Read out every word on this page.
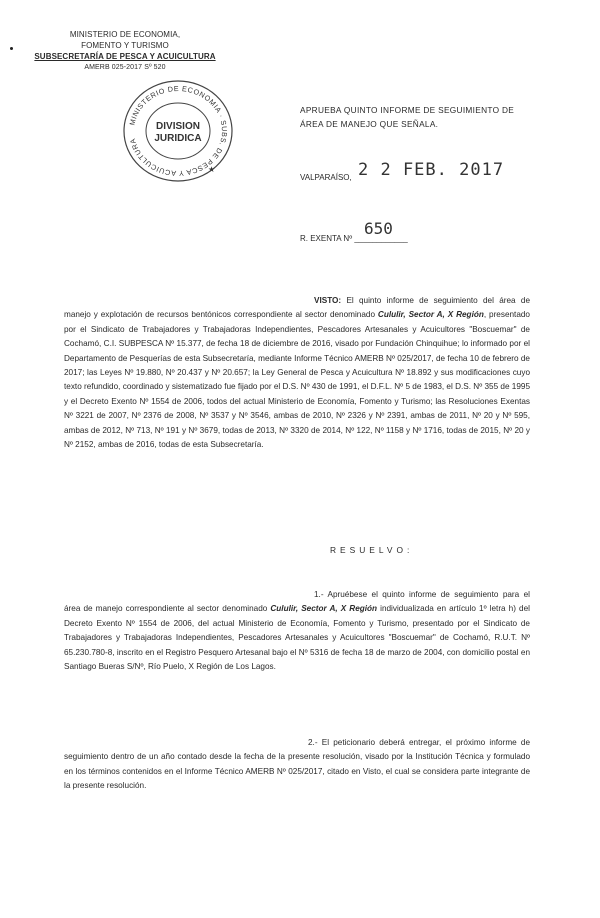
MINISTERIO DE ECONOMIA,
FOMENTO Y TURISMO
SUBSECRETARÍA DE PESCA Y ACUICULTURA
AMERB 025-2017 Sº 520
MINISTERIO DE ECONOMIA · SUBS. DE PESCA Y ACUICULTURA
DIVISION
JURIDICA
★
APRUEBA QUINTO INFORME DE SEGUIMIENTO DE
ÁREA DE MANEJO QUE SEÑALA.
VALPARAÍSO, 2 2 FEB. 2017
R. EXENTA Nº ____________
650
VISTO: El quinto informe de seguimiento del área de manejo y explotación de recursos bentónicos correspondiente al sector denominado Cululir, Sector A, X Región, presentado por el Sindicato de Trabajadores y Trabajadoras Independientes, Pescadores Artesanales y Acuicultores "Boscuemar" de Cochamó, C.I. SUBPESCA Nº 15.377, de fecha 18 de diciembre de 2016, visado por Fundación Chinquihue; lo informado por el Departamento de Pesquerías de esta Subsecretaría, mediante Informe Técnico AMERB Nº 025/2017, de fecha 10 de febrero de 2017; las Leyes Nº 19.880, Nº 20.437 y Nº 20.657; la Ley General de Pesca y Acuicultura Nº 18.892 y sus modificaciones cuyo texto refundido, coordinado y sistematizado fue fijado por el D.S. Nº 430 de 1991, el D.F.L. Nº 5 de 1983, el D.S. Nº 355 de 1995 y el Decreto Exento Nº 1554 de 2006, todos del actual Ministerio de Economía, Fomento y Turismo; las Resoluciones Exentas Nº 3221 de 2007, Nº 2376 de 2008, Nº 3537 y Nº 3546, ambas de 2010, Nº 2326 y Nº 2391, ambas de 2011, Nº 20 y Nº 595, ambas de 2012, Nº 713, Nº 191 y Nº 3679, todas de 2013, Nº 3320 de 2014, Nº 122, Nº 1158 y Nº 1716, todas de 2015, Nº 20 y Nº 2152, ambas de 2016, todas de esta Subsecretaría.
RESUELVO:
1.- Apruébese el quinto informe de seguimiento para el área de manejo correspondiente al sector denominado Cululir, Sector A, X Región individualizada en artículo 1º letra h) del Decreto Exento Nº 1554 de 2006, del actual Ministerio de Economía, Fomento y Turismo, presentado por el Sindicato de Trabajadores y Trabajadoras Independientes, Pescadores Artesanales y Acuicultores "Boscuemar" de Cochamó, R.U.T. Nº 65.230.780-8, inscrito en el Registro Pesquero Artesanal bajo el Nº 5316 de fecha 18 de marzo de 2004, con domicilio postal en Santiago Bueras S/Nº, Río Puelo, X Región de Los Lagos.
2.- El peticionario deberá entregar, el próximo informe de seguimiento dentro de un año contado desde la fecha de la presente resolución, visado por la Institución Técnica y formulado en los términos contenidos en el Informe Técnico AMERB Nº 025/2017, citado en Visto, el cual se considera parte integrante de la presente resolución.
